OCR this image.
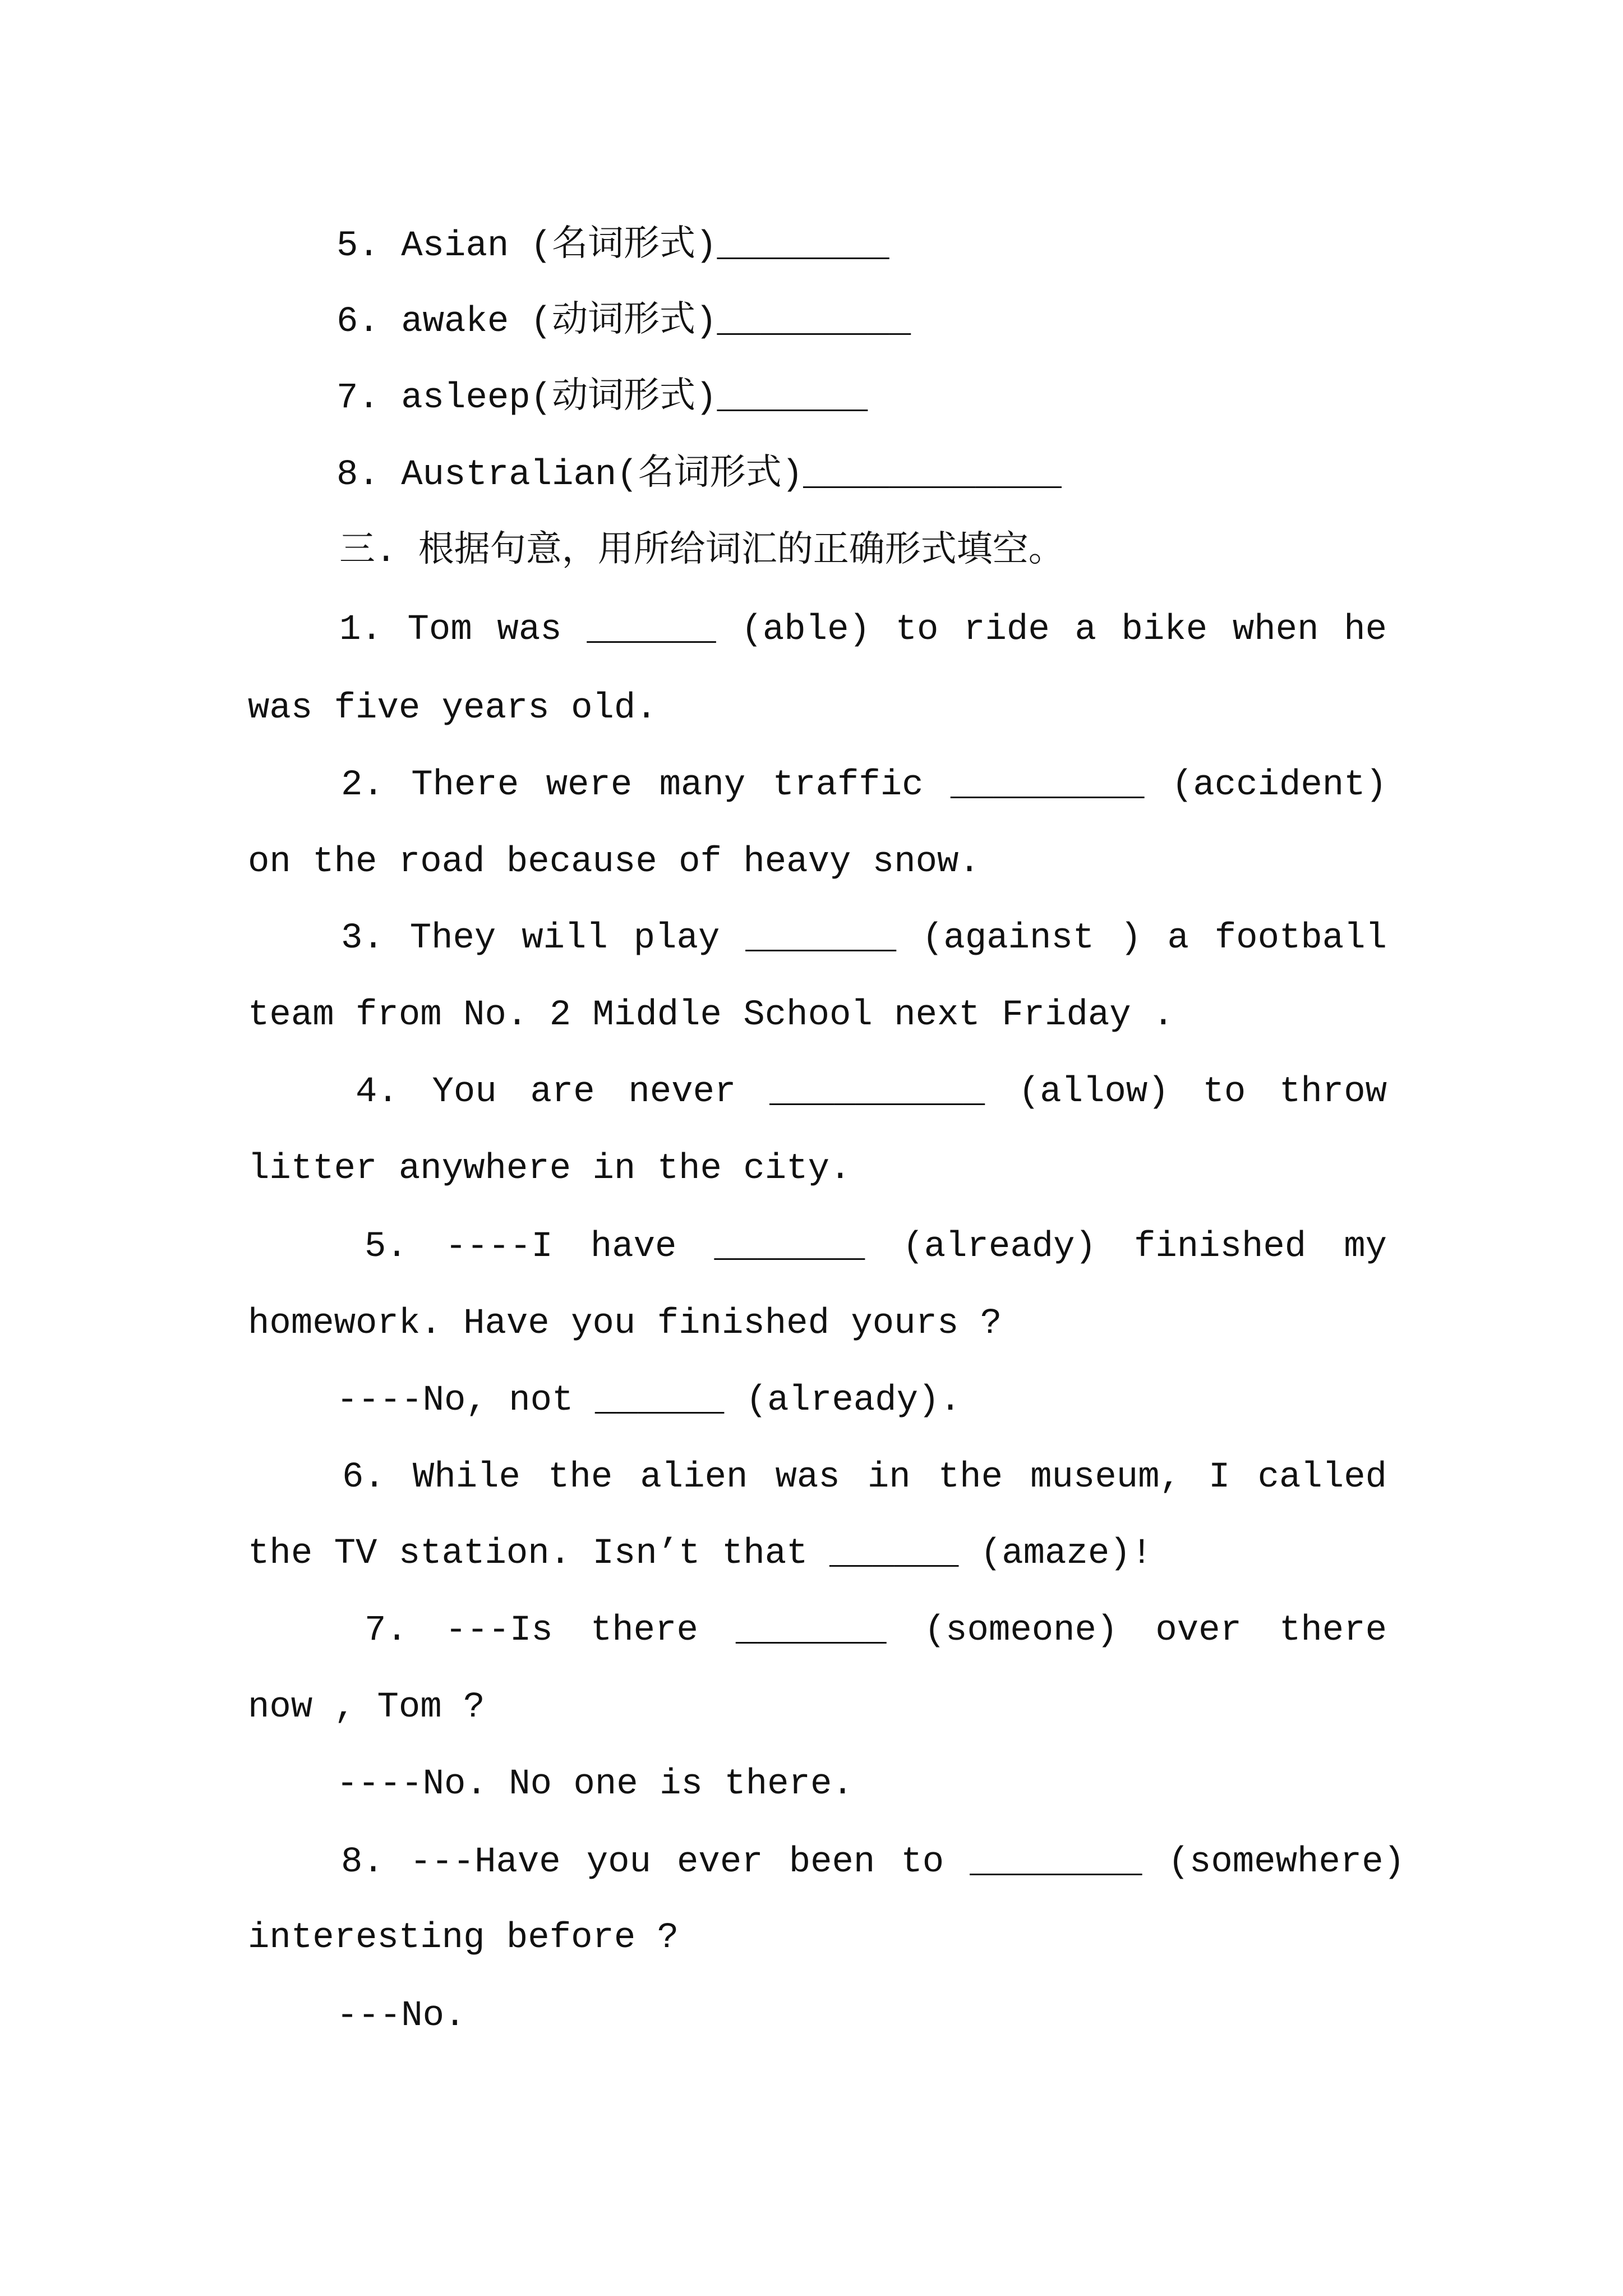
5. Asian (名词形式)________
6. awake (动词形式)_________
7. asleep(动词形式)_______
8. Australian(名词形式)____________
三. 根据句意，用所给词汇的正确形式填空。
1. Tom was ______ (able) to ride a bike when he
was five years old.
2. There were many traffic _________ (accident)
on the road because of heavy snow.
3. They will play _______ (against ) a football
team from No. 2 Middle School next Friday .
4. You are never __________ (allow) to throw
litter anywhere in the city.
5. ----I have _______ (already) finished my
homework. Have you finished yours ?
----No, not ______ (already).
6. While the alien was in the museum, I called
the TV station. Isn’t that ______ (amaze)!
7. ---Is there _______ (someone) over there
now , Tom ?
----No. No one is there.
8. ---Have you ever been to ________ (somewhere)
interesting before ?
---No.
